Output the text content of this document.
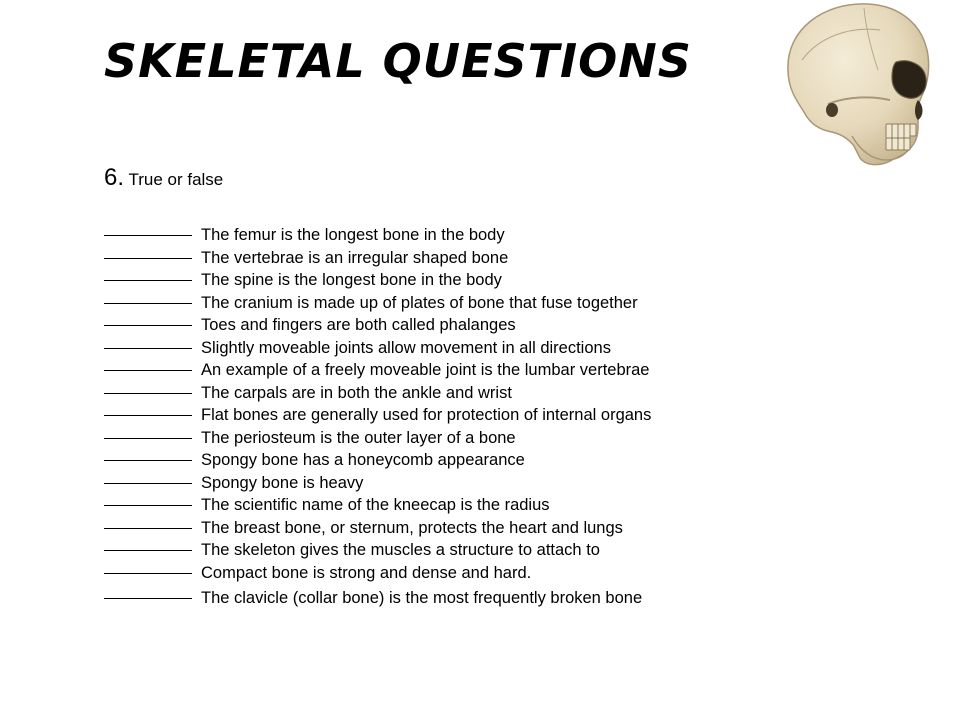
SKELETAL QUESTIONS
6. True or false
The femur is the longest bone in the body
The vertebrae is an irregular shaped bone
The spine is the longest bone in the body
The cranium is made up of plates of bone that fuse together
Toes and fingers are both called phalanges
Slightly moveable joints allow movement in all directions
An example of a freely moveable joint is the lumbar vertebrae
The carpals are in both the ankle and wrist
Flat bones are generally used for protection of internal organs
The periosteum is the outer layer of a bone
Spongy bone has a honeycomb appearance
Spongy bone is heavy
The scientific name of the kneecap is the radius
The breast bone, or sternum, protects the heart and lungs
The skeleton gives the muscles a structure to attach to
Compact bone is strong and dense and hard.
The clavicle (collar bone) is the most frequently broken bone
